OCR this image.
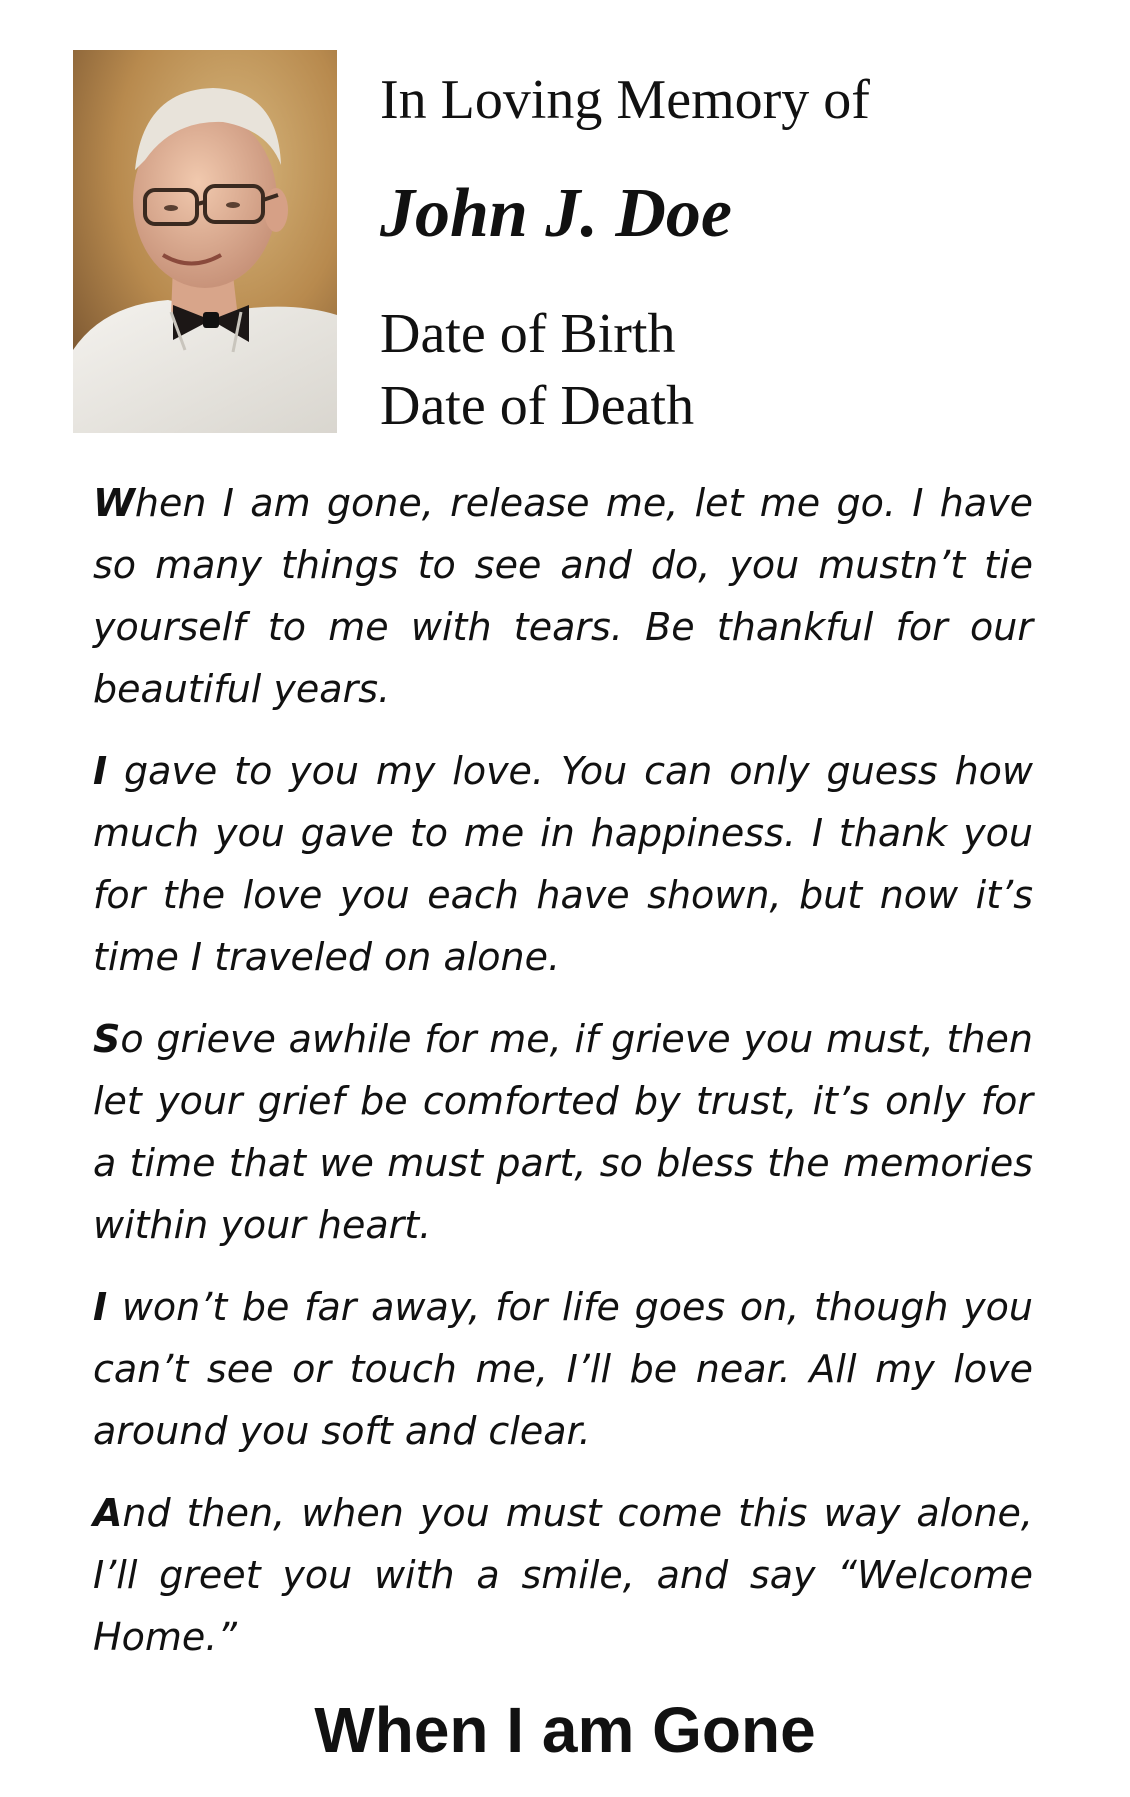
In Loving Memory of

John J. Doe

Date of Birth
Date of Death

When I am gone, release me, let me go. I have so many things to see and do, you mustn’t tie yourself to me with tears. Be thankful for our beautiful years.

I gave to you my love. You can only guess how much you gave to me in happiness. I thank you for the love you each have shown, but now it’s time I traveled on alone.

So grieve awhile for me, if grieve you must, then let your grief be comforted by trust, it’s only for a time that we must part, so bless the memories within your heart.

I won’t be far away, for life goes on, though you can’t see or touch me, I’ll be near. All my love around you soft and clear.

And then, when you must come this way alone, I’ll greet you with a smile, and say “Welcome Home.”

When I am Gone
